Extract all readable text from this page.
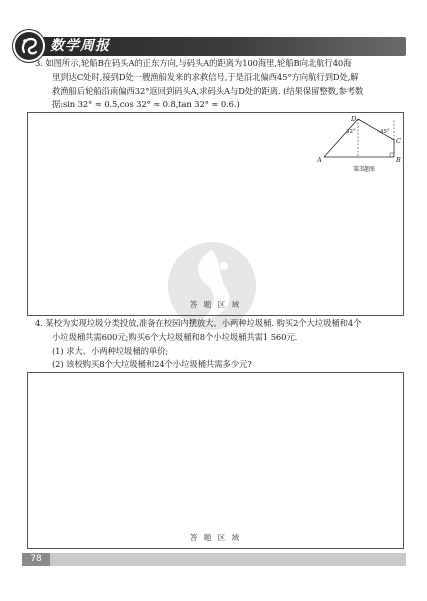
数学周报
3. 如图所示,轮船B在码头A的正东方向,与码头A的距离为100海里,轮船B向北航行40海
里到达C处时,接到D处一艘渔船发来的求救信号,于是沿北偏西45°方向航行到D处,解
救渔船后轮船沿南偏西32°返回到码头A,求码头A与D处的距离. (结果保留整数,参考数
据:sin 32° ≈ 0.5,cos 32° ≈ 0.8,tan 32° ≈ 0.6.)
D
C
B
A
32°	45°
第3题图
答 题 区 域
4. 某校为实现垃圾分类投放,准备在校园内摆放大、小两种垃圾桶. 购买2个大垃圾桶和4个
小垃圾桶共需600元;购买6个大垃圾桶和8个小垃圾桶共需1 560元.
(1) 求大、小两种垃圾桶的单价;
(2) 该校购买8个大垃圾桶和24个小垃圾桶共需多少元?
答 题 区 域
78
